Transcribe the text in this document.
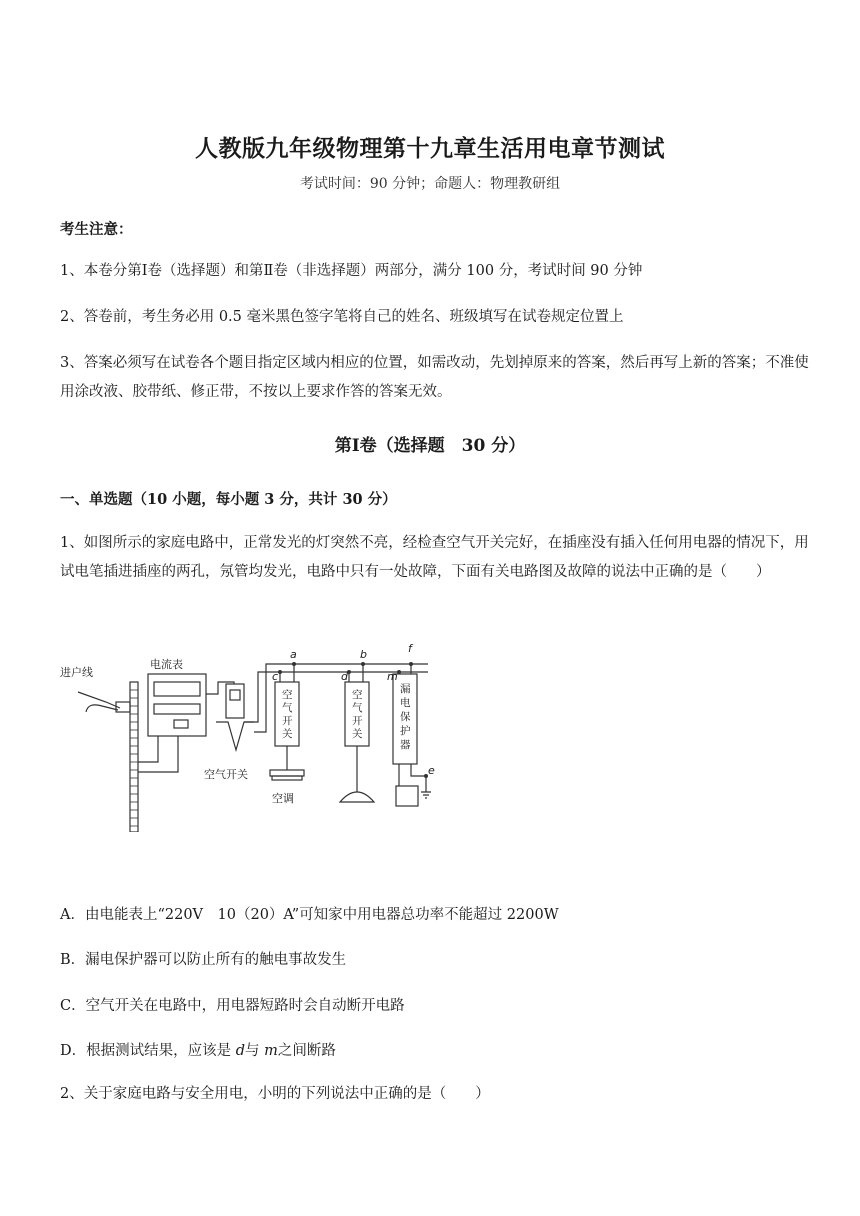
人教版九年级物理第十九章生活用电章节测试
考试时间：90 分钟；命题人：物理教研组
考生注意：
1、本卷分第Ⅰ卷（选择题）和第Ⅱ卷（非选择题）两部分，满分 100 分，考试时间 90 分钟
2、答卷前，考生务必用 0.5 毫米黑色签字笔将自己的姓名、班级填写在试卷规定位置上
3、答案必须写在试卷各个题目指定区域内相应的位置，如需改动，先划掉原来的答案，然后再写上新的答案；不准使用涂改液、胶带纸、修正带，不按以上要求作答的答案无效。
第Ⅰ卷（选择题　30 分）
一、单选题（10 小题，每小题 3 分，共计 30 分）
1、如图所示的家庭电路中，正常发光的灯突然不亮，经检查空气开关完好，在插座没有插入任何用电器的情况下，用试电笔插进插座的两孔，氖管均发光，电路中只有一处故障，下面有关电路图及故障的说法中正确的是（　　）
进户线
电流表
空气开关
空调
a	b
c	d
f
m
e
空气开关
空气开关
漏电保护器
A．由电能表上“220V　10（20）A”可知家中用电器总功率不能超过 2200W
B．漏电保护器可以防止所有的触电事故发生
C．空气开关在电路中，用电器短路时会自动断开电路
D．根据测试结果，应该是 d与 m之间断路
2、关于家庭电路与安全用电，小明的下列说法中正确的是（　　）
